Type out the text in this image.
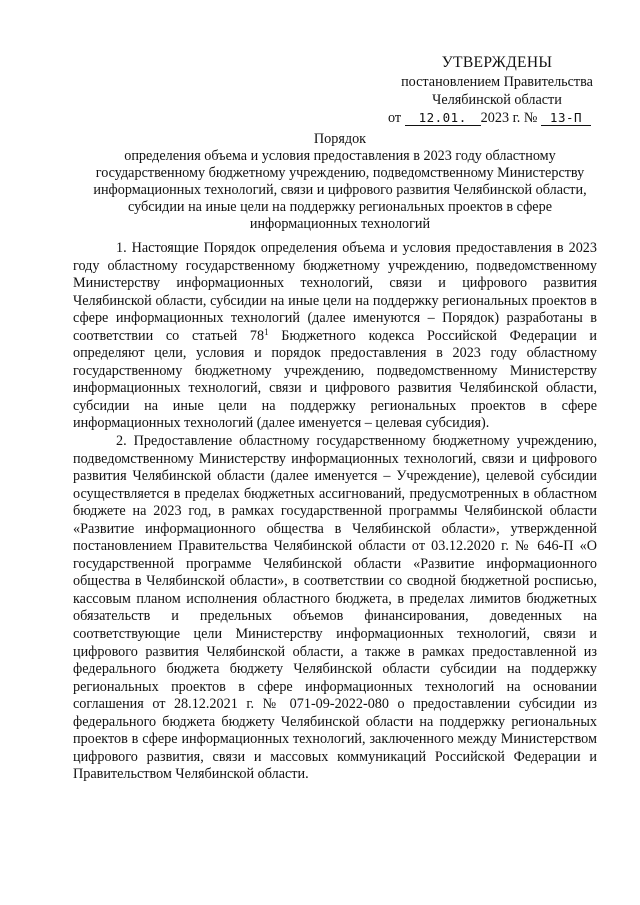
УТВЕРЖДЕНЫ
постановлением Правительства
Челябинской области
от 12.01. 2023 г. № 13-П
Порядок
определения объема и условия предоставления в 2023 году областному государственному бюджетному учреждению, подведомственному Министерству информационных технологий, связи и цифрового развития Челябинской области, субсидии на иные цели на поддержку региональных проектов в сфере информационных технологий

1. Настоящие Порядок определения объема и условия предоставления в 2023 году областному государственному бюджетному учреждению, подведомственному Министерству информационных технологий, связи и цифрового развития Челябинской области, субсидии на иные цели на поддержку региональных проектов в сфере информационных технологий (далее именуются – Порядок) разработаны в соответствии со статьей $78^1$ Бюджетного кодекса Российской Федерации и определяют цели, условия и порядок предоставления в 2023 году областному государственному бюджетному учреждению, подведомственному Министерству информационных технологий, связи и цифрового развития Челябинской области, субсидии на иные цели на поддержку региональных проектов в сфере информационных технологий (далее именуется – целевая субсидия).

2. Предоставление областному государственному бюджетному учреждению, подведомственному Министерству информационных технологий, связи и цифрового развития Челябинской области (далее именуется – Учреждение), целевой субсидии осуществляется в пределах бюджетных ассигнований, предусмотренных в областном бюджете на 2023 год, в рамках государственной программы Челябинской области «Развитие информационного общества в Челябинской области», утвержденной постановлением Правительства Челябинской области от 03.12.2020 г. № 646-П «О государственной программе Челябинской области «Развитие информационного общества в Челябинской области», в соответствии со сводной бюджетной росписью, кассовым планом исполнения областного бюджета, в пределах лимитов бюджетных обязательств и предельных объемов финансирования, доведенных на соответствующие цели Министерству информационных технологий, связи и цифрового развития Челябинской области, а также в рамках предоставленной из федерального бюджета бюджету Челябинской области субсидии на поддержку региональных проектов в сфере информационных технологий на основании соглашения от 28.12.2021 г. № 071-09-2022-080 о предоставлении субсидии из федерального бюджета бюджету Челябинской области на поддержку региональных проектов в сфере информационных технологий, заключенного между Министерством цифрового развития, связи и массовых коммуникаций Российской Федерации и Правительством Челябинской области.
